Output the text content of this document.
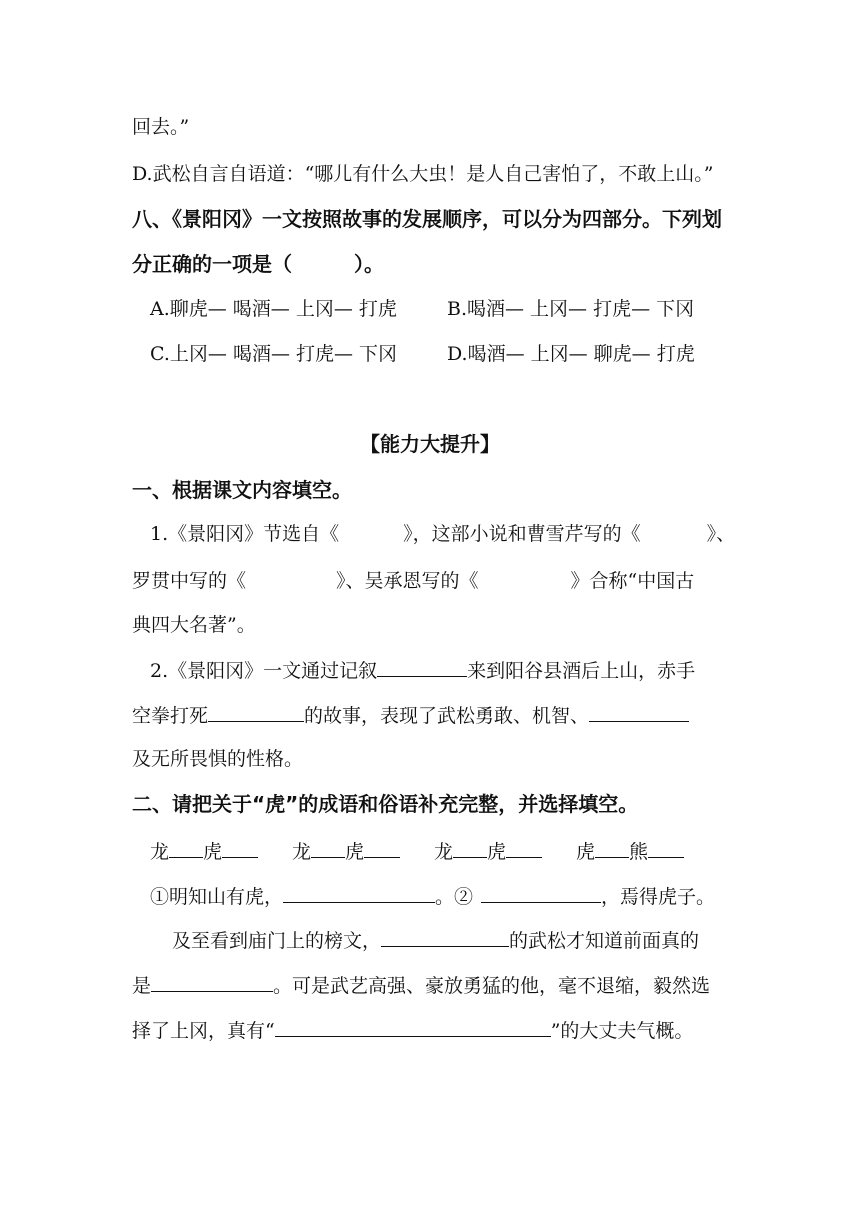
回去。”
D.武松自言自语道：“哪儿有什么大虫！是人自己害怕了，不敢上山。”
八、《景阳冈》一文按照故事的发展顺序，可以分为四部分。下列划
分正确的一项是（	）。
A.聊虎— 喝酒— 上冈— 打虎	B.喝酒— 上冈— 打虎— 下冈
C.上冈— 喝酒— 打虎— 下冈	D.喝酒— 上冈— 聊虎— 打虎
【能力大提升】
一、根据课文内容填空。
1.《景阳冈》节选自《	》，这部小说和曹雪芹写的《	》、
罗贯中写的《	》、吴承恩写的《	》合称“中国古
典四大名著”。
2.《景阳冈》一文通过记叙	来到阳谷县酒后上山，赤手
空拳打死	的故事，表现了武松勇敢、机智、
及无所畏惧的性格。
二、请把关于“虎”的成语和俗语补充完整，并选择填空。
龙 虎	龙 虎	龙 虎	虎 熊
①明知山有虎，	。②	，焉得虎子。
及至看到庙门上的榜文，	的武松才知道前面真的
是	。可是武艺高强、豪放勇猛的他，毫不退缩，毅然选
择了上冈，真有“	”的大丈夫气概。
